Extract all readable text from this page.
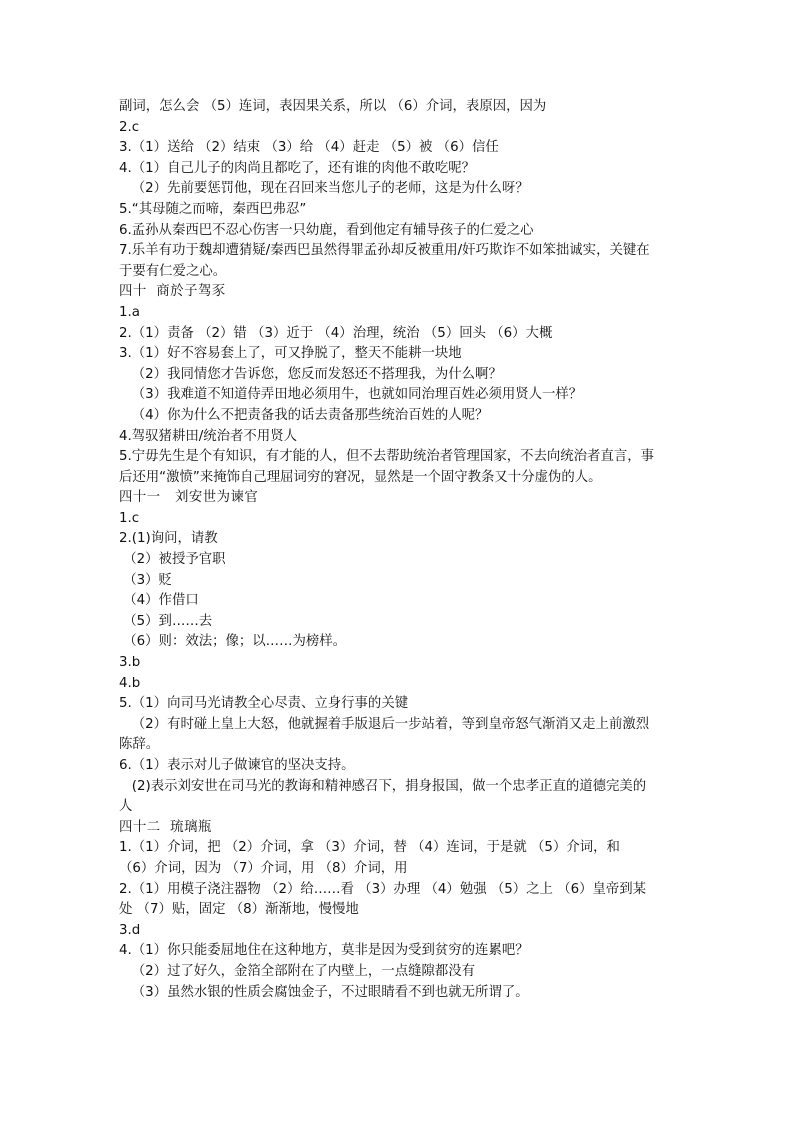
副词，怎么会 （5）连词，表因果关系，所以 （6）介词，表原因，因为
2.c
3.（1）送给 （2）结束 （3）给 （4）赶走 （5）被 （6）信任
4.（1）自己儿子的肉尚且都吃了，还有谁的肉他不敢吃呢？
（2）先前要惩罚他，现在召回来当您儿子的老师，这是为什么呀？
5.“其母随之而啼，秦西巴弗忍”
6.孟孙从秦西巴不忍心伤害一只幼鹿，看到他定有辅导孩子的仁爱之心
7.乐羊有功于魏却遭猜疑/秦西巴虽然得罪孟孙却反被重用/奸巧欺诈不如笨拙诚实，关键在
于要有仁爱之心。
四十  商於子驾豕
1.a
2.（1）责备 （2）错 （3）近于 （4）治理，统治 （5）回头 （6）大概
3.（1）好不容易套上了，可又挣脱了，整天不能耕一块地
（2）我同情您才告诉您，您反而发怒还不搭理我，为什么啊？
（3）我难道不知道侍弄田地必须用牛，也就如同治理百姓必须用贤人一样？
（4）你为什么不把责备我的话去责备那些统治百姓的人呢？
4.驾驭猪耕田/统治者不用贤人
5.宁毋先生是个有知识，有才能的人，但不去帮助统治者管理国家，不去向统治者直言，事
后还用“激愤”来掩饰自己理屈词穷的窘况，显然是一个固守教条又十分虚伪的人。
四十一   刘安世为谏官
1.c
2.(1)询问，请教
（2）被授予官职
（3）贬
（4）作借口
（5）到……去
（6）则：效法；像；以……为榜样。
3.b
4.b
5.（1）向司马光请教全心尽责、立身行事的关键
（2）有时碰上皇上大怒，他就握着手版退后一步站着，等到皇帝怒气渐消又走上前激烈
陈辞。
6.（1）表示对儿子做谏官的坚决支持。
(2)表示刘安世在司马光的教诲和精神感召下，捐身报国，做一个忠孝正直的道德完美的
人
四十二  琉璃瓶
1.（1）介词，把 （2）介词，拿 （3）介词，替 （4）连词，于是就 （5）介词，和
（6）介词，因为 （7）介词，用 （8）介词，用
2.（1）用模子浇注器物 （2）给……看 （3）办理 （4）勉强 （5）之上 （6）皇帝到某
处 （7）贴，固定 （8）渐渐地，慢慢地
3.d
4.（1）你只能委屈地住在这种地方，莫非是因为受到贫穷的连累吧？
（2）过了好久，金箔全部附在了内壁上，一点缝隙都没有
（3）虽然水银的性质会腐蚀金子，不过眼睛看不到也就无所谓了。
